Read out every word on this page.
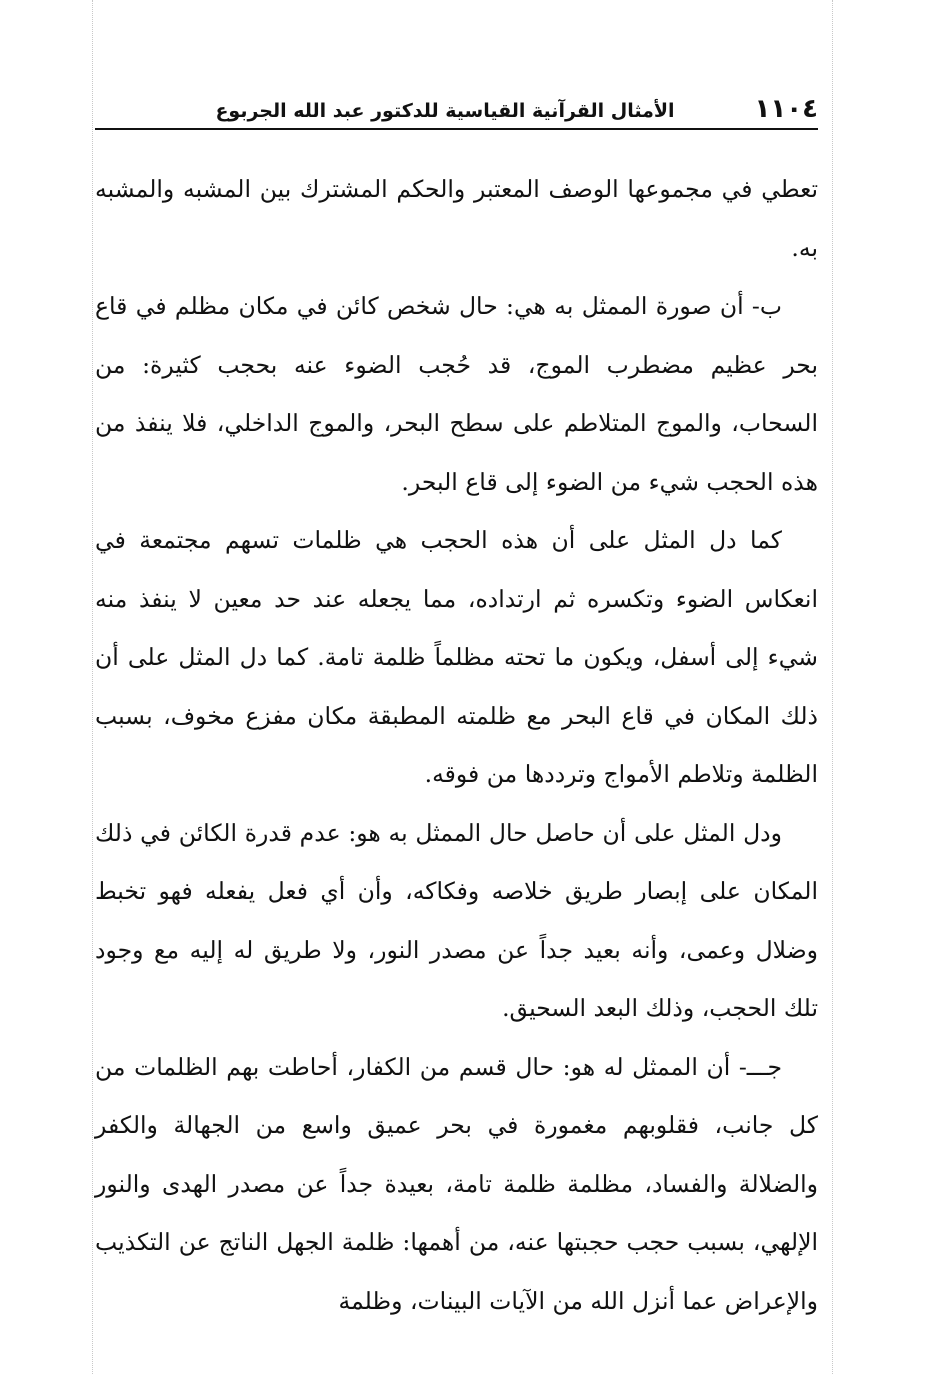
١١٠٤
الأمثال القرآنية القياسية للدكتور عبد الله الجربوع

تعطي في مجموعها الوصف المعتبر والحكم المشترك بين المشبه والمشبه به.

ب- أن صورة الممثل به هي: حال شخص كائن في مكان مظلم في قاع بحر عظيم مضطرب الموج، قد حُجب الضوء عنه بحجب كثيرة: من السحاب، والموج المتلاطم على سطح البحر، والموج الداخلي، فلا ينفذ من هذه الحجب شيء من الضوء إلى قاع البحر.

كما دل المثل على أن هذه الحجب هي ظلمات تسهم مجتمعة في انعكاس الضوء وتكسره ثم ارتداده، مما يجعله عند حد معين لا ينفذ منه شيء إلى أسفل، ويكون ما تحته مظلماً ظلمة تامة. كما دل المثل على أن ذلك المكان في قاع البحر مع ظلمته المطبقة مكان مفزع مخوف، بسبب الظلمة وتلاطم الأمواج وترددها من فوقه.

ودل المثل على أن حاصل حال الممثل به هو: عدم قدرة الكائن في ذلك المكان على إبصار طريق خلاصه وفكاكه، وأن أي فعل يفعله فهو تخبط وضلال وعمى، وأنه بعيد جداً عن مصدر النور، ولا طريق له إليه مع وجود تلك الحجب، وذلك البعد السحيق.

جـــ- أن الممثل له هو: حال قسم من الكفار، أحاطت بهم الظلمات من كل جانب، فقلوبهم مغمورة في بحر عميق واسع من الجهالة والكفر والضلالة والفساد، مظلمة ظلمة تامة، بعيدة جداً عن مصدر الهدى والنور الإلهي، بسبب حجب حجبتها عنه، من أهمها: ظلمة الجهل الناتج عن التكذيب والإعراض عما أنزل الله من الآيات البينات، وظلمة
